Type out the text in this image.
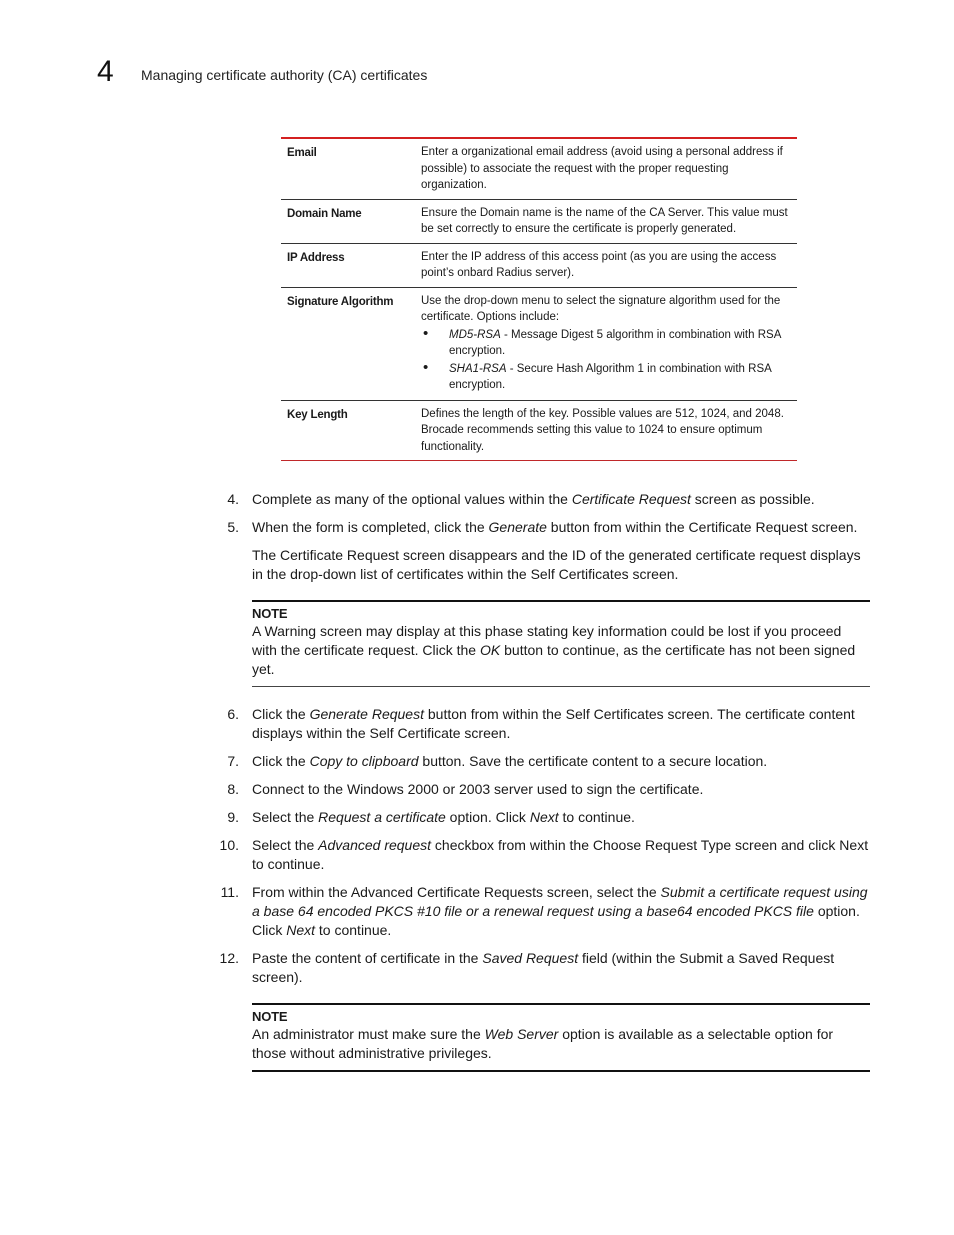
4 Managing certificate authority (CA) certificates
Email	Enter a organizational email address (avoid using a personal address if possible) to associate the request with the proper requesting organization.

Domain Name	Ensure the Domain name is the name of the CA Server. This value must be set correctly to ensure the certificate is properly generated.

IP Address	Enter the IP address of this access point (as you are using the access point’s onbard Radius server).

Signature Algorithm	Use the drop-down menu to select the signature algorithm used for the certificate. Options include:

• MD5-RSA - Message Digest 5 algorithm in combination with RSA encryption.
• SHA1-RSA - Secure Hash Algorithm 1 in combination with RSA encryption.
Key Length	Defines the length of the key. Possible values are 512, 1024, and 2048. Brocade recommends setting this value to 1024 to ensure optimum functionality.

4. Complete as many of the optional values within the Certificate Request screen as possible.

5. When the form is completed, click the Generate button from within the Certificate Request screen.

The Certificate Request screen disappears and the ID of the generated certificate request displays in the drop-down list of certificates within the Self Certificates screen.

NOTE

A Warning screen may display at this phase stating key information could be lost if you proceed with the certificate request. Click the OK button to continue, as the certificate has not been signed yet.

6. Click the Generate Request button from within the Self Certificates screen. The certificate content displays within the Self Certificate screen.

7. Click the Copy to clipboard button. Save the certificate content to a secure location.

8. Connect to the Windows 2000 or 2003 server used to sign the certificate.

9. Select the Request a certificate option. Click Next to continue.

10. Select the Advanced request checkbox from within the Choose Request Type screen and click Next to continue.

11. From within the Advanced Certificate Requests screen, select the Submit a certificate request using a base 64 encoded PKCS #10 file or a renewal request using a base64 encoded PKCS file option. Click Next to continue.

12. Paste the content of certificate in the Saved Request field (within the Submit a Saved Request screen).

NOTE

An administrator must make sure the Web Server option is available as a selectable option for those without administrative privileges.
